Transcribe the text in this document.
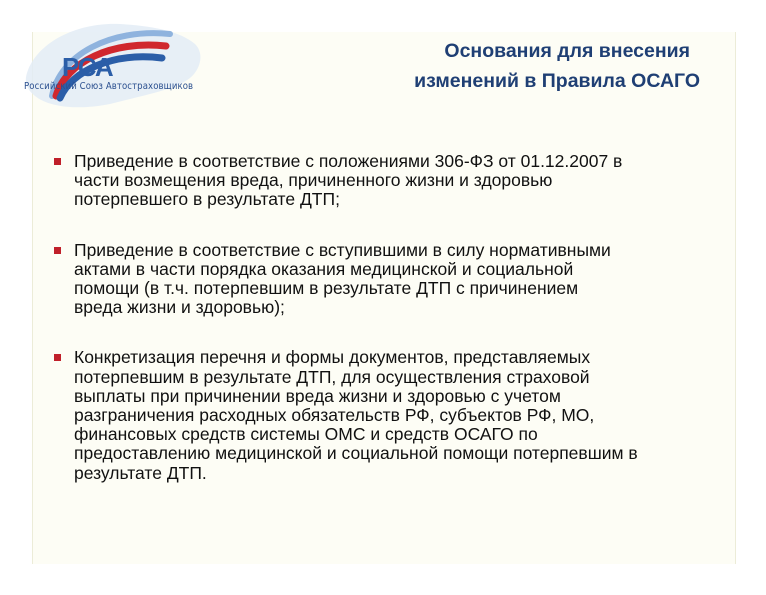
РСА
Российский Союз Автостраховщиков
Основания для внесения
изменений в Правила ОСАГО
Приведение в соответствие с положениями 306-ФЗ от 01.12.2007 в
части возмещения вреда, причиненного жизни и здоровью
потерпевшего в результате ДТП;
Приведение в соответствие с вступившими в силу нормативными
актами в части порядка оказания медицинской и социальной
помощи (в т.ч. потерпевшим в результате ДТП с причинением
вреда жизни и здоровью);
Конкретизация перечня и формы документов, представляемых
потерпевшим в результате ДТП, для осуществления страховой
выплаты при причинении вреда жизни и здоровью с учетом
разграничения расходных обязательств РФ, субъектов РФ, МО,
финансовых средств системы ОМС и средств ОСАГО по
предоставлению медицинской и социальной помощи потерпевшим в
результате ДТП.
